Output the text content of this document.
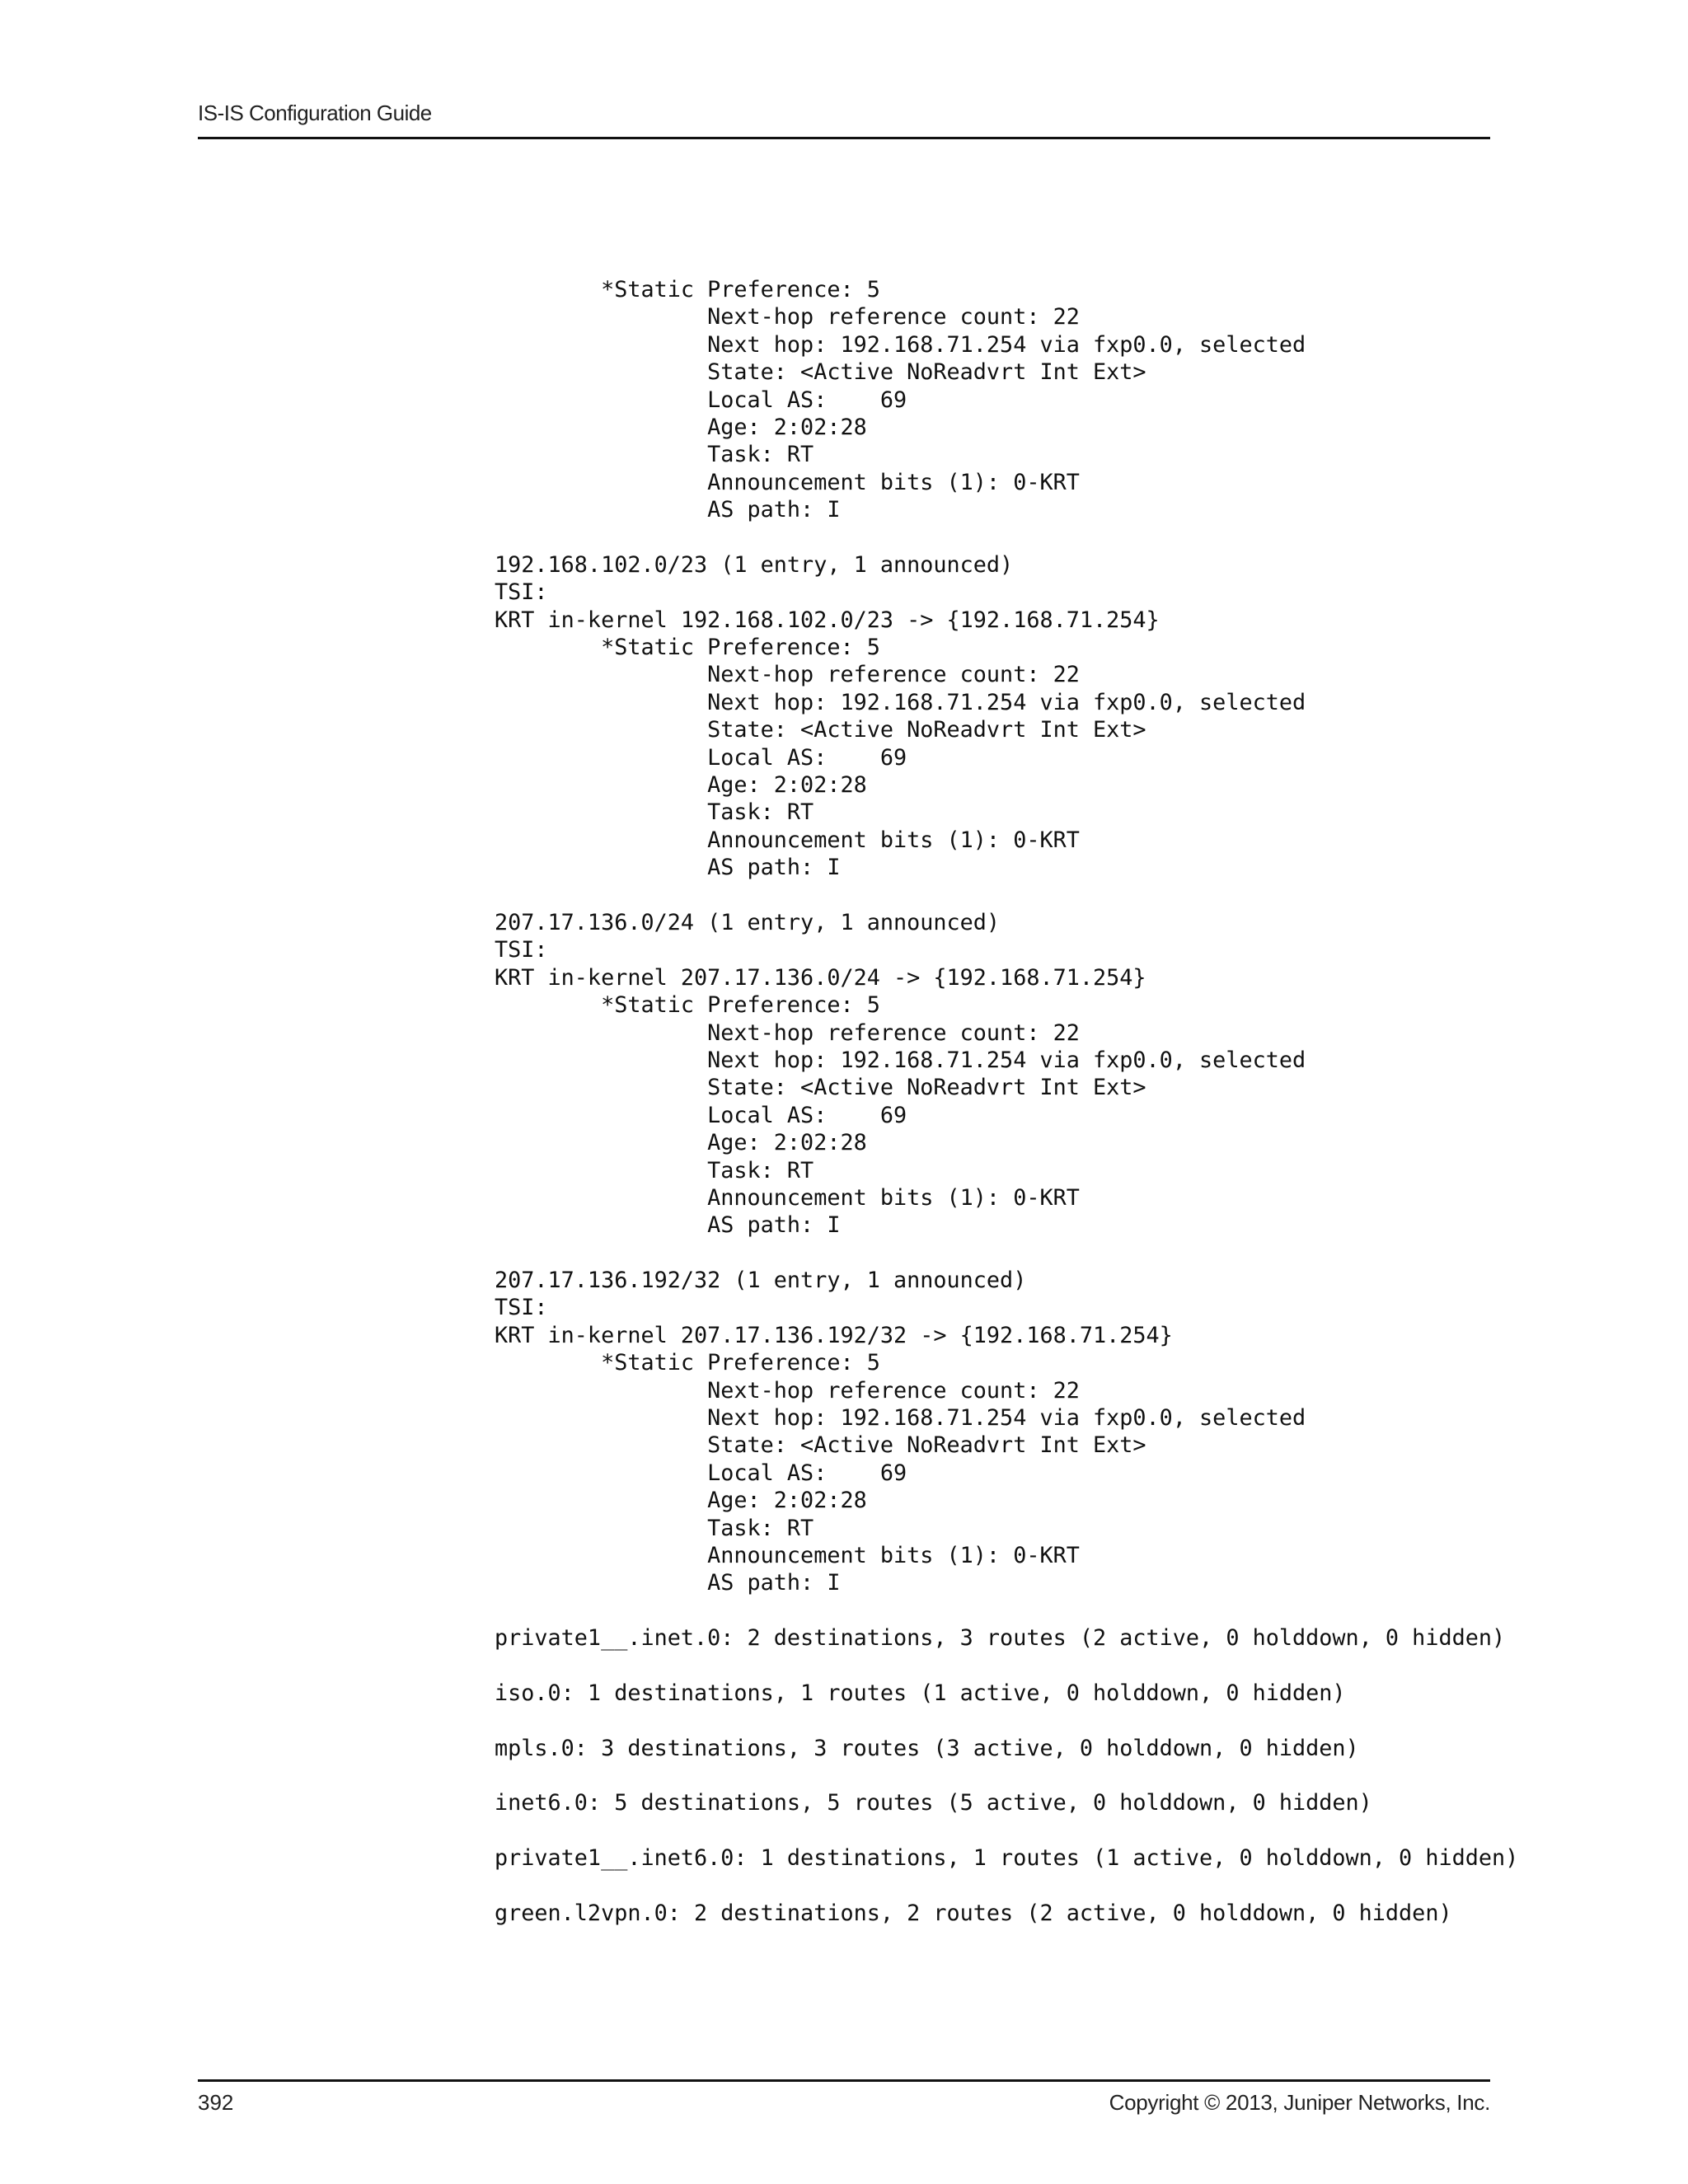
IS-IS Configuration Guide
*Static Preference: 5
Next-hop reference count: 22
Next hop: 192.168.71.254 via fxp0.0, selected
State: <Active NoReadvrt Int Ext>
Local AS:    69
Age: 2:02:28
Task: RT
Announcement bits (1): 0-KRT
AS path: I
192.168.102.0/23 (1 entry, 1 announced)
TSI:
KRT in-kernel 192.168.102.0/23 -> {192.168.71.254}
*Static Preference: 5
Next-hop reference count: 22
Next hop: 192.168.71.254 via fxp0.0, selected
State: <Active NoReadvrt Int Ext>
Local AS:    69
Age: 2:02:28
Task: RT
Announcement bits (1): 0-KRT
AS path: I
207.17.136.0/24 (1 entry, 1 announced)
TSI:
KRT in-kernel 207.17.136.0/24 -> {192.168.71.254}
*Static Preference: 5
Next-hop reference count: 22
Next hop: 192.168.71.254 via fxp0.0, selected
State: <Active NoReadvrt Int Ext>
Local AS:    69
Age: 2:02:28
Task: RT
Announcement bits (1): 0-KRT
AS path: I
207.17.136.192/32 (1 entry, 1 announced)
TSI:
KRT in-kernel 207.17.136.192/32 -> {192.168.71.254}
*Static Preference: 5
Next-hop reference count: 22
Next hop: 192.168.71.254 via fxp0.0, selected
State: <Active NoReadvrt Int Ext>
Local AS:    69
Age: 2:02:28
Task: RT
Announcement bits (1): 0-KRT
AS path: I
private1__.inet.0: 2 destinations, 3 routes (2 active, 0 holddown, 0 hidden)
iso.0: 1 destinations, 1 routes (1 active, 0 holddown, 0 hidden)
mpls.0: 3 destinations, 3 routes (3 active, 0 holddown, 0 hidden)
inet6.0: 5 destinations, 5 routes (5 active, 0 holddown, 0 hidden)
private1__.inet6.0: 1 destinations, 1 routes (1 active, 0 holddown, 0 hidden)
green.l2vpn.0: 2 destinations, 2 routes (2 active, 0 holddown, 0 hidden)
392	Copyright © 2013, Juniper Networks, Inc.
